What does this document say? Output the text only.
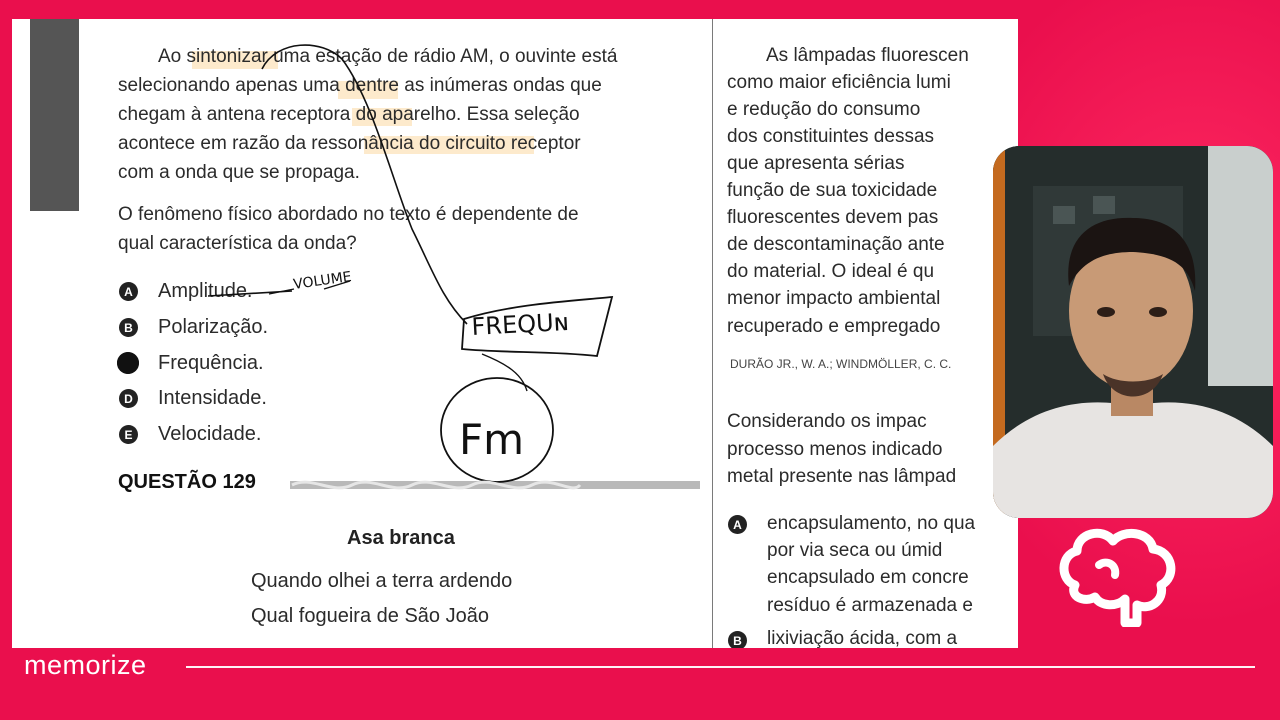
Ao sintonizar uma estação de rádio AM, o ouvinte está
selecionando apenas uma dentre as inúmeras ondas que
chegam à antena receptora do aparelho. Essa seleção
acontece em razão da ressonância do circuito receptor
com a onda que se propaga.
O fenômeno físico abordado no texto é dependente de
qual característica da onda?
A Amplitude.
B Polarização.
Frequência.
D Intensidade.
E Velocidade.
QUESTÃO 129
Asa branca
Quando olhei a terra ardendo
Qual fogueira de São João
As lâmpadas fluorescen
como maior eficiência lumi
e redução do consumo
dos constituintes dessas
que apresenta sérias
função de sua toxicidade
fluorescentes devem pas
de descontaminação ante
do material. O ideal é qu
menor impacto ambiental
recuperado e empregado
DURÃO JR., W. A.; WINDMÖLLER, C. C.
Considerando os impac
processo menos indicado
metal presente nas lâmpad
A encapsulamento, no qua
por via seca ou úmid
encapsulado em concre
resíduo é armazenada e
B lixiviação ácida, com a
VOLUME
FREQUɴ
Fm
memorize
